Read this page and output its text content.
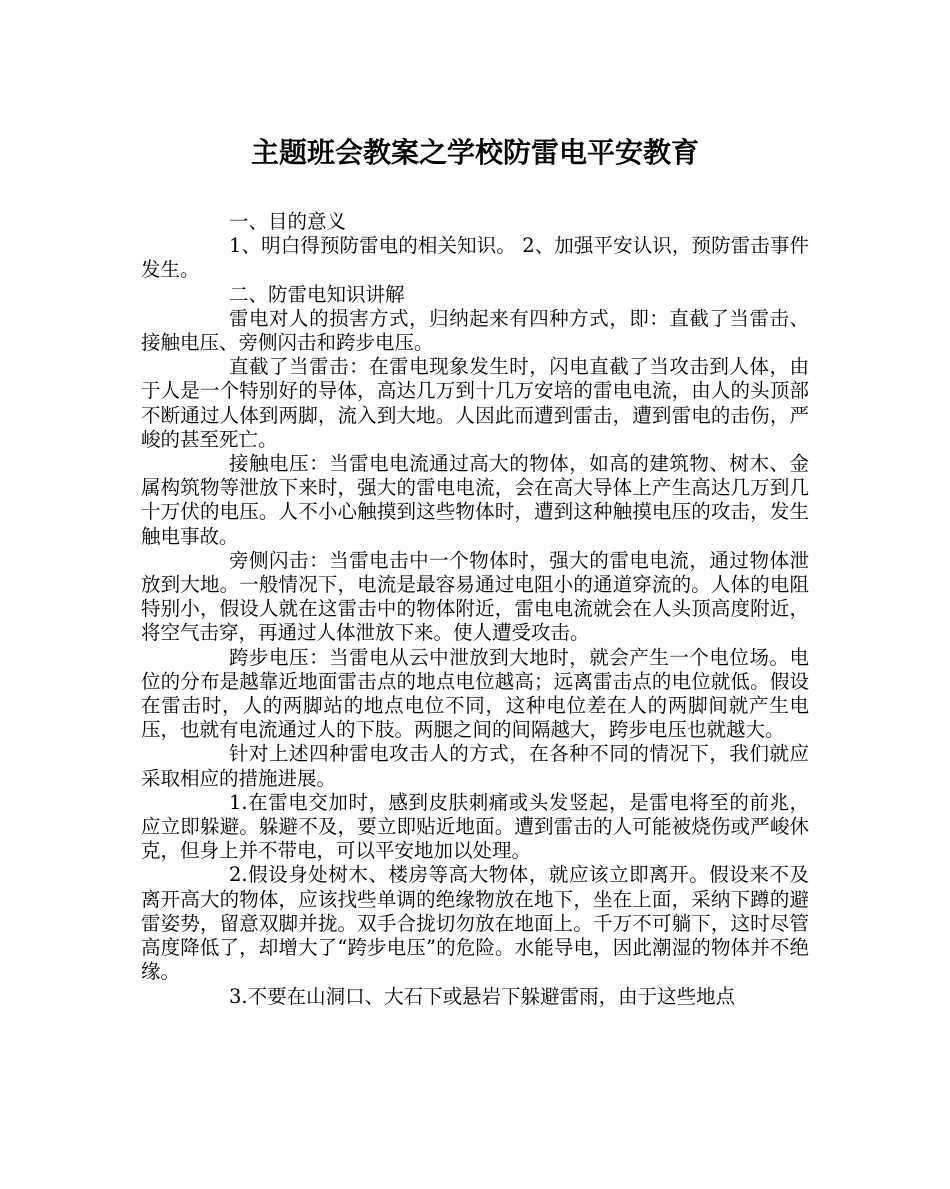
主题班会教案之学校防雷电平安教育

一、目的意义

1、明白得预防雷电的相关知识。 2、加强平安认识，预防雷击事件发生。

二、防雷电知识讲解

雷电对人的损害方式，归纳起来有四种方式，即：直截了当雷击、接触电压、旁侧闪击和跨步电压。

直截了当雷击：在雷电现象发生时，闪电直截了当攻击到人体，由于人是一个特别好的导体，高达几万到十几万安培的雷电电流，由人的头顶部不断通过人体到两脚，流入到大地。人因此而遭到雷击，遭到雷电的击伤，严峻的甚至死亡。

接触电压：当雷电电流通过高大的物体，如高的建筑物、树木、金属构筑物等泄放下来时，强大的雷电电流，会在高大导体上产生高达几万到几十万伏的电压。人不小心触摸到这些物体时，遭到这种触摸电压的攻击，发生触电事故。

旁侧闪击：当雷电击中一个物体时，强大的雷电电流，通过物体泄放到大地。一般情况下，电流是最容易通过电阻小的通道穿流的。人体的电阻特别小，假设人就在这雷击中的物体附近，雷电电流就会在人头顶高度附近，将空气击穿，再通过人体泄放下来。使人遭受攻击。

跨步电压：当雷电从云中泄放到大地时，就会产生一个电位场。电位的分布是越靠近地面雷击点的地点电位越高；远离雷击点的电位就低。假设在雷击时，人的两脚站的地点电位不同，这种电位差在人的两脚间就产生电压，也就有电流通过人的下肢。两腿之间的间隔越大，跨步电压也就越大。

针对上述四种雷电攻击人的方式，在各种不同的情况下，我们就应采取相应的措施进展。

1.在雷电交加时，感到皮肤刺痛或头发竖起，是雷电将至的前兆，应立即躲避。躲避不及，要立即贴近地面。遭到雷击的人可能被烧伤或严峻休克，但身上并不带电，可以平安地加以处理。

2.假设身处树木、楼房等高大物体，就应该立即离开。假设来不及离开高大的物体，应该找些单调的绝缘物放在地下，坐在上面，采纳下蹲的避雷姿势，留意双脚并拢。双手合拢切勿放在地面上。千万不可躺下，这时尽管高度降低了，却增大了“跨步电压”的危险。水能导电，因此潮湿的物体并不绝缘。

3.不要在山洞口、大石下或悬岩下躲避雷雨，由于这些地点
